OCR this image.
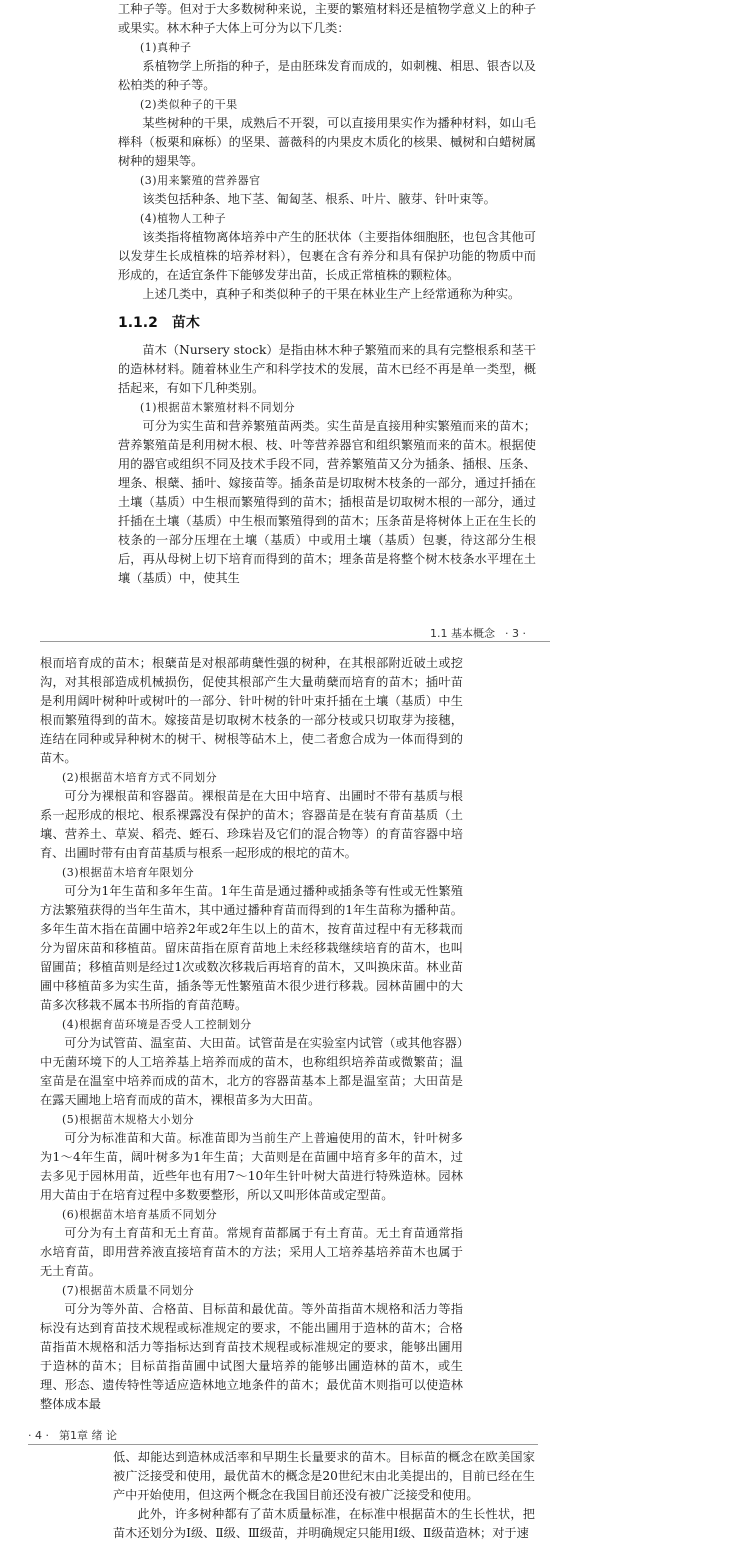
工种子等。但对于大多数树种来说，主要的繁殖材料还是植物学意义上的种子或果实。林木种子大体上可分为以下几类：

(1)真种子

系植物学上所指的种子，是由胚珠发育而成的，如刺槐、相思、银杏以及松柏类的种子等。

(2)类似种子的干果

某些树种的干果，成熟后不开裂，可以直接用果实作为播种材料，如山毛榉科（板栗和麻栎）的坚果、蔷薇科的内果皮木质化的核果、槭树和白蜡树属树种的翅果等。

(3)用来繁殖的营养器官

该类包括种条、地下茎、匍匐茎、根系、叶片、腋芽、针叶束等。

(4)植物人工种子

该类指将植物离体培养中产生的胚状体（主要指体细胞胚，也包含其他可以发芽生长成植株的培养材料），包裹在含有养分和具有保护功能的物质中而形成的，在适宜条件下能够发芽出苗，长成正常植株的颗粒体。

上述几类中，真种子和类似种子的干果在林业生产上经常通称为种实。

1.1.2 苗木

苗木（Nursery stock）是指由林木种子繁殖而来的具有完整根系和茎干的造林材料。随着林业生产和科学技术的发展，苗木已经不再是单一类型，概括起来，有如下几种类别。

(1)根据苗木繁殖材料不同划分

可分为实生苗和营养繁殖苗两类。实生苗是直接用种实繁殖而来的苗木；营养繁殖苗是利用树木根、枝、叶等营养器官和组织繁殖而来的苗木。根据使用的器官或组织不同及技术手段不同，营养繁殖苗又分为插条、插根、压条、埋条、根蘖、插叶、嫁接苗等。插条苗是切取树木枝条的一部分，通过扦插在土壤（基质）中生根而繁殖得到的苗木；插根苗是切取树木根的一部分，通过扦插在土壤（基质）中生根而繁殖得到的苗木；压条苗是将树体上正在生长的枝条的一部分压埋在土壤（基质）中或用土壤（基质）包裹，待这部分生根后，再从母树上切下培育而得到的苗木；埋条苗是将整个树木枝条水平埋在土壤（基质）中，使其生

1.1 基本概念 · 3 ·

根而培育成的苗木；根蘖苗是对根部萌蘖性强的树种，在其根部附近破土或挖沟，对其根部造成机械损伤，促使其根部产生大量萌蘖而培育的苗木；插叶苗是利用阔叶树种叶或树叶的一部分、针叶树的针叶束扦插在土壤（基质）中生根而繁殖得到的苗木。嫁接苗是切取树木枝条的一部分枝或只切取芽为接穗，连结在同种或异种树木的树干、树根等砧木上，使二者愈合成为一体而得到的苗木。

(2)根据苗木培育方式不同划分

可分为裸根苗和容器苗。裸根苗是在大田中培育、出圃时不带有基质与根系一起形成的根坨、根系裸露没有保护的苗木；容器苗是在装有育苗基质（土壤、营养土、草炭、稻壳、蛭石、珍珠岩及它们的混合物等）的育苗容器中培育、出圃时带有由育苗基质与根系一起形成的根坨的苗木。

(3)根据苗木培育年限划分

可分为1年生苗和多年生苗。1年生苗是通过播种或插条等有性或无性繁殖方法繁殖获得的当年生苗木，其中通过播种育苗而得到的1年生苗称为播种苗。多年生苗木指在苗圃中培养2年或2年生以上的苗木，按育苗过程中有无移栽而分为留床苗和移植苗。留床苗指在原育苗地上未经移栽继续培育的苗木，也叫留圃苗；移植苗则是经过1次或数次移栽后再培育的苗木，又叫换床苗。林业苗圃中移植苗多为实生苗，插条等无性繁殖苗木很少进行移栽。园林苗圃中的大苗多次移栽不属本书所指的育苗范畴。

(4)根据育苗环境是否受人工控制划分

可分为试管苗、温室苗、大田苗。试管苗是在实验室内试管（或其他容器）中无菌环境下的人工培养基上培养而成的苗木，也称组织培养苗或微繁苗；温室苗是在温室中培养而成的苗木，北方的容器苗基本上都是温室苗；大田苗是在露天圃地上培育而成的苗木，裸根苗多为大田苗。

(5)根据苗木规格大小划分

可分为标准苗和大苗。标准苗即为当前生产上普遍使用的苗木，针叶树多为1～4年生苗，阔叶树多为1年生苗；大苗则是在苗圃中培育多年的苗木，过去多见于园林用苗，近些年也有用7～10年生针叶树大苗进行特殊造林。园林用大苗由于在培育过程中多数要整形，所以又叫形体苗或定型苗。

(6)根据苗木培育基质不同划分

可分为有土育苗和无土育苗。常规育苗都属于有土育苗。无土育苗通常指水培育苗，即用营养液直接培育苗木的方法；采用人工培养基培养苗木也属于无土育苗。

(7)根据苗木质量不同划分

可分为等外苗、合格苗、目标苗和最优苗。等外苗指苗木规格和活力等指标没有达到育苗技术规程或标准规定的要求，不能出圃用于造林的苗木；合格苗指苗木规格和活力等指标达到育苗技术规程或标准规定的要求，能够出圃用于造林的苗木；目标苗指苗圃中试图大量培养的能够出圃造林的苗木，或生理、形态、遗传特性等适应造林地立地条件的苗木；最优苗木则指可以使造林整体成本最

· 4 · 第1章 绪 论

低、却能达到造林成活率和早期生长量要求的苗木。目标苗的概念在欧美国家被广泛接受和使用，最优苗木的概念是20世纪末由北美提出的，目前已经在生产中开始使用，但这两个概念在我国目前还没有被广泛接受和使用。

此外，许多树种都有了苗木质量标准，在标准中根据苗木的生长性状，把苗木还划分为Ⅰ级、Ⅱ级、Ⅲ级苗，并明确规定只能用Ⅰ级、Ⅱ级苗造林；对于速
